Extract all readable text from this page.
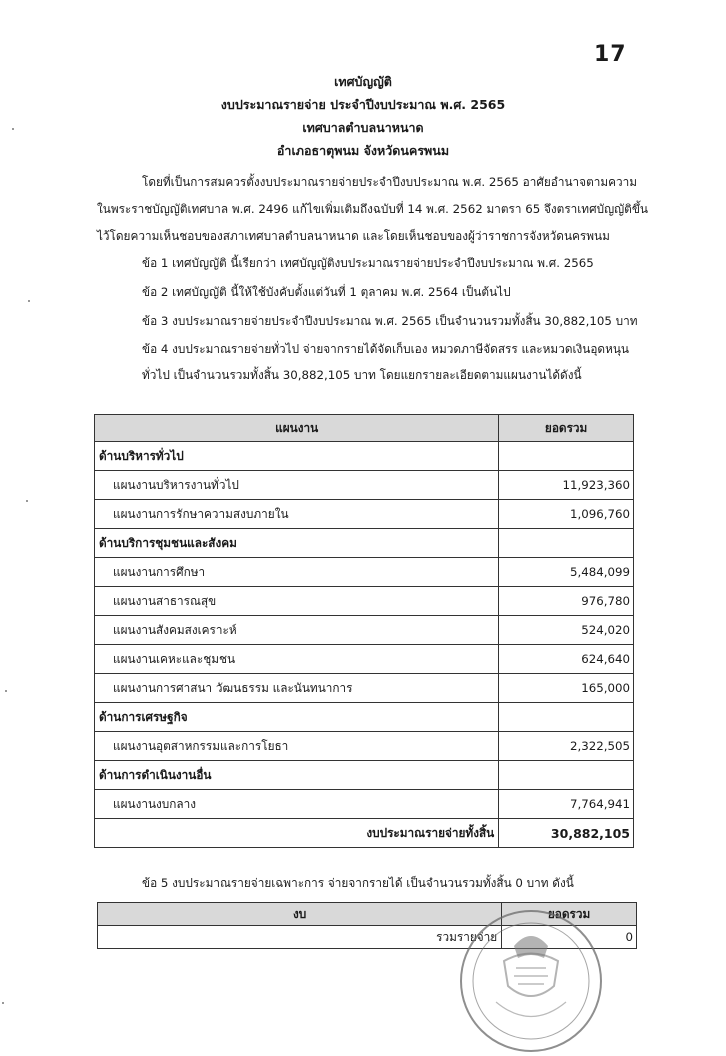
17
เทศบัญญัติ
งบประมาณรายจ่าย ประจำปีงบประมาณ พ.ศ. 2565
เทศบาลตำบลนาหนาด
อำเภอธาตุพนม จังหวัดนครพนม
โดยที่เป็นการสมควรตั้งงบประมาณรายจ่ายประจำปีงบประมาณ พ.ศ. 2565 อาศัยอำนาจตามความ
ในพระราชบัญญัติเทศบาล พ.ศ. 2496 แก้ไขเพิ่มเติมถึงฉบับที่ 14 พ.ศ. 2562 มาตรา 65 จึงตราเทศบัญญัติขึ้น
ไว้โดยความเห็นชอบของสภาเทศบาลตำบลนาหนาด และโดยเห็นชอบของผู้ว่าราชการจังหวัดนครพนม
ข้อ 1 เทศบัญญัติ นี้เรียกว่า เทศบัญญัติงบประมาณรายจ่ายประจำปีงบประมาณ พ.ศ. 2565
ข้อ 2 เทศบัญญัติ นี้ให้ใช้บังคับตั้งแต่วันที่ 1 ตุลาคม พ.ศ. 2564 เป็นต้นไป
ข้อ 3 งบประมาณรายจ่ายประจำปีงบประมาณ พ.ศ. 2565 เป็นจำนวนรวมทั้งสิ้น 30,882,105 บาท
ข้อ 4 งบประมาณรายจ่ายทั่วไป จ่ายจากรายได้จัดเก็บเอง หมวดภาษีจัดสรร และหมวดเงินอุดหนุน
ทั่วไป เป็นจำนวนรวมทั้งสิ้น 30,882,105 บาท โดยแยกรายละเอียดตามแผนงานได้ดังนี้
แผนงาน	ยอดรวม
ด้านบริหารทั่วไป	
แผนงานบริหารงานทั่วไป	11,923,360
แผนงานการรักษาความสงบภายใน	1,096,760
ด้านบริการชุมชนและสังคม	
แผนงานการศึกษา	5,484,099
แผนงานสาธารณสุข	976,780
แผนงานสังคมสงเคราะห์	524,020
แผนงานเคหะและชุมชน	624,640
แผนงานการศาสนา วัฒนธรรม และนันทนาการ	165,000
ด้านการเศรษฐกิจ	
แผนงานอุตสาหกรรมและการโยธา	2,322,505
ด้านการดำเนินงานอื่น	
แผนงานงบกลาง	7,764,941
งบประมาณรายจ่ายทั้งสิ้น	30,882,105
ข้อ 5 งบประมาณรายจ่ายเฉพาะการ จ่ายจากรายได้ เป็นจำนวนรวมทั้งสิ้น 0 บาท ดังนี้
งบ	ยอดรวม
รวมรายจ่าย	0
